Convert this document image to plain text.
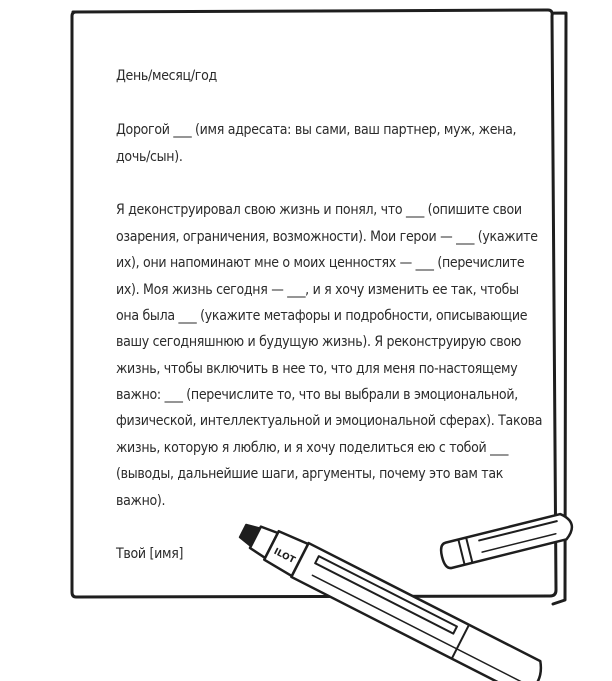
ILOT
День/месяц/год
Дорогой ___ (имя адресата: вы сами, ваш партнер, муж, жена,
дочь/сын).
Я деконструировал свою жизнь и понял, что ___ (опишите свои
озарения, ограничения, возможности). Мои герои — ___ (укажите
их), они напоминают мне о моих ценностях — ___ (перечислите
их). Моя жизнь сегодня — ___, и я хочу изменить ее так, чтобы
она была ___ (укажите метафоры и подробности, описывающие
вашу сегодняшнюю и будущую жизнь). Я реконструирую свою
жизнь, чтобы включить в нее то, что для меня по-настоящему
важно: ___ (перечислите то, что вы выбрали в эмоциональной,
физической, интеллектуальной и эмоциональной сферах). Такова
жизнь, которую я люблю, и я хочу поделиться ею с тобой ___
(выводы, дальнейшие шаги, аргументы, почему это вам так
важно).
Твой [имя]
